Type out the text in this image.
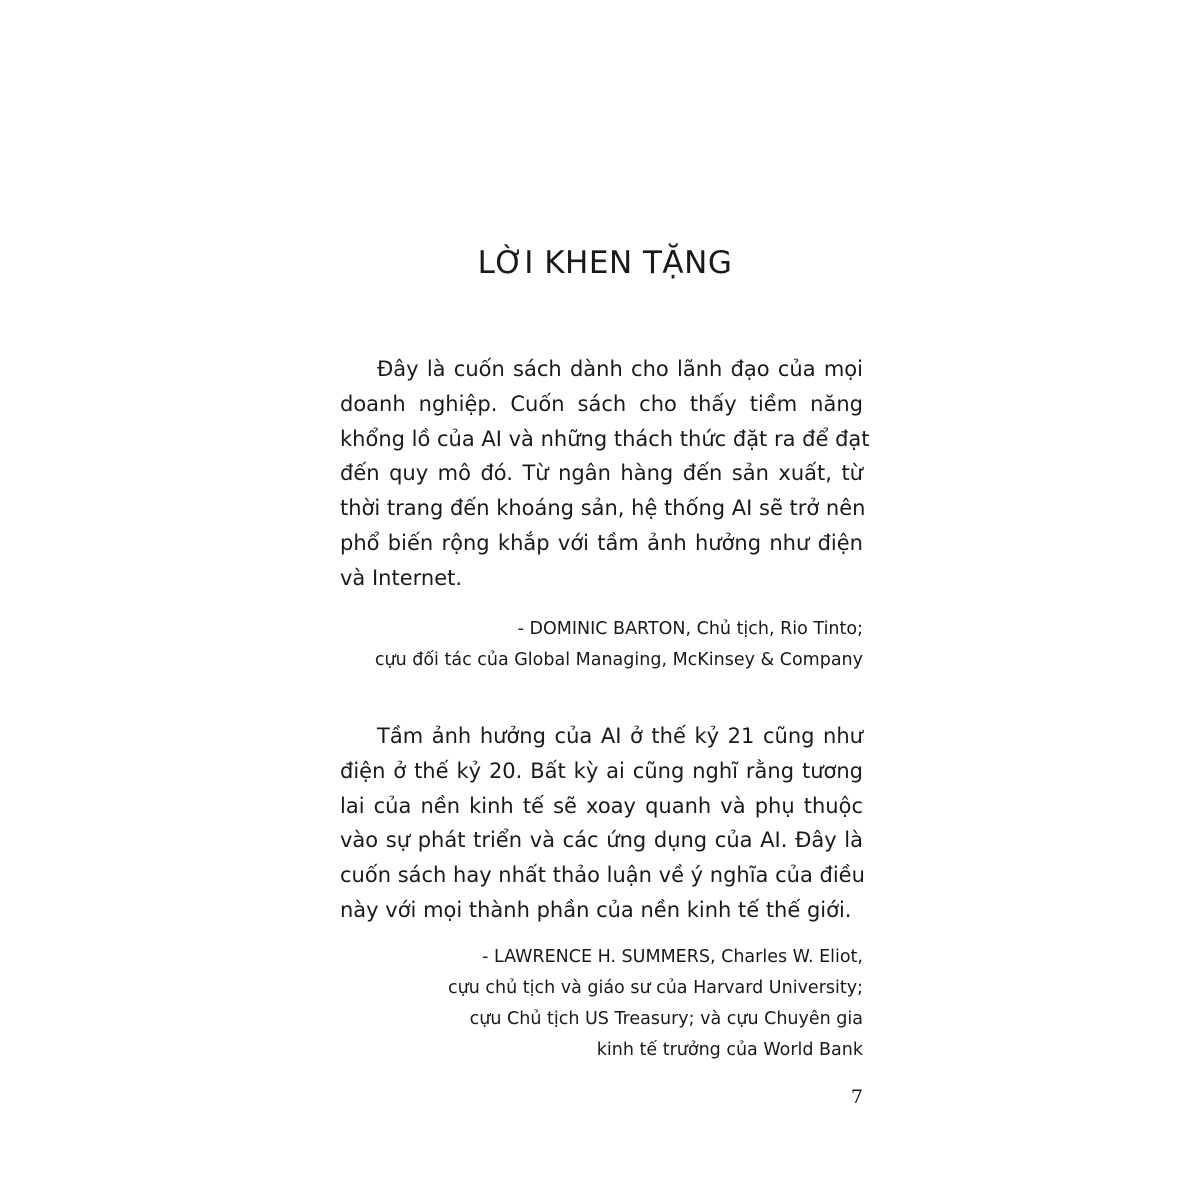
LỜI KHEN TẶNG

Đây là cuốn sách dành cho lãnh đạo của mọi
doanh nghiệp. Cuốn sách cho thấy tiềm năng
khổng lồ của AI và những thách thức đặt ra để đạt
đến quy mô đó. Từ ngân hàng đến sản xuất, từ
thời trang đến khoáng sản, hệ thống AI sẽ trở nên
phổ biến rộng khắp với tầm ảnh hưởng như điện
và Internet.

- DOMINIC BARTON, Chủ tịch, Rio Tinto;
cựu đối tác của Global Managing, McKinsey & Company

Tầm ảnh hưởng của AI ở thế kỷ 21 cũng như
điện ở thế kỷ 20. Bất kỳ ai cũng nghĩ rằng tương
lai của nền kinh tế sẽ xoay quanh và phụ thuộc
vào sự phát triển và các ứng dụng của AI. Đây là
cuốn sách hay nhất thảo luận về ý nghĩa của điều
này với mọi thành phần của nền kinh tế thế giới.

- LAWRENCE H. SUMMERS, Charles W. Eliot,
cựu chủ tịch và giáo sư của Harvard University;
cựu Chủ tịch US Treasury; và cựu Chuyên gia
kinh tế trưởng của World Bank

7
